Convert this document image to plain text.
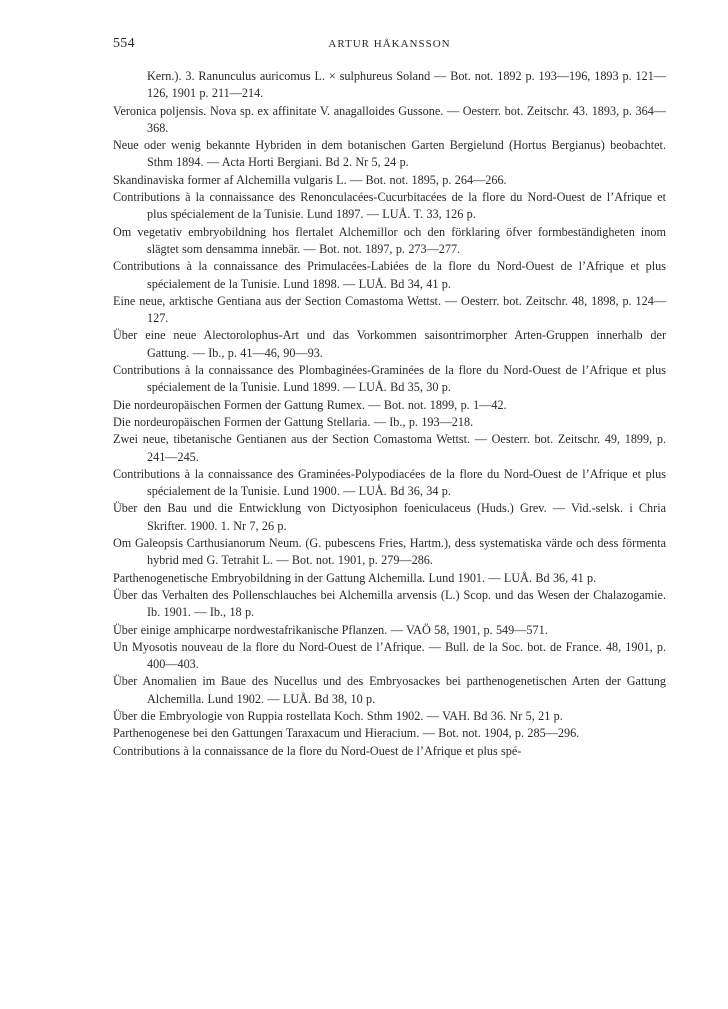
554	ARTUR HÅKANSSON

Kern.). 3. Ranunculus auricomus L. × sulphureus Soland — Bot. not. 1892 p. 193—196, 1893 p. 121—126, 1901 p. 211—214.

Veronica poljensis. Nova sp. ex affinitate V. anagalloides Gussone. — Oesterr. bot. Zeitschr. 43. 1893, p. 364—368.

Neue oder wenig bekannte Hybriden in dem botanischen Garten Bergielund (Hortus Bergianus) beobachtet. Sthm 1894. — Acta Horti Bergiani. Bd 2. Nr 5, 24 p.

Skandinaviska former af Alchemilla vulgaris L. — Bot. not. 1895, p. 264—266.

Contributions à la connaissance des Renonculacées-Cucurbitacées de la flore du Nord-Ouest de l’Afrique et plus spécialement de la Tunisie. Lund 1897. — LUÅ. T. 33, 126 p.

Om vegetativ embryobildning hos flertalet Alchemillor och den förklaring öfver formbeständigheten inom slägtet som densamma innebär. — Bot. not. 1897, p. 273—277.

Contributions à la connaissance des Primulacées-Labiées de la flore du Nord-Ouest de l’Afrique et plus spécialement de la Tunisie. Lund 1898. — LUÅ. Bd 34, 41 p.

Eine neue, arktische Gentiana aus der Section Comastoma Wettst. — Oesterr. bot. Zeitschr. 48, 1898, p. 124—127.

Über eine neue Alectorolophus-Art und das Vorkommen saisontrimorpher Arten-Gruppen innerhalb der Gattung. — Ib., p. 41—46, 90—93.

Contributions à la connaissance des Plombaginées-Graminées de la flore du Nord-Ouest de l’Afrique et plus spécialement de la Tunisie. Lund 1899. — LUÅ. Bd 35, 30 p.

Die nordeuropäischen Formen der Gattung Rumex. — Bot. not. 1899, p. 1—42.

Die nordeuropäischen Formen der Gattung Stellaria. — Ib., p. 193—218.

Zwei neue, tibetanische Gentianen aus der Section Comastoma Wettst. — Oesterr. bot. Zeitschr. 49, 1899, p. 241—245.

Contributions à la connaissance des Graminées-Polypodiacées de la flore du Nord-Ouest de l’Afrique et plus spécialement de la Tunisie. Lund 1900. — LUÅ. Bd 36, 34 p.

Über den Bau und die Entwicklung von Dictyosiphon foeniculaceus (Huds.) Grev. — Vid.-selsk. i Chria Skrifter. 1900. 1. Nr 7, 26 p.

Om Galeopsis Carthusianorum Neum. (G. pubescens Fries, Hartm.), dess systematiska värde och dess förmenta hybrid med G. Tetrahit L. — Bot. not. 1901, p. 279—286.

Parthenogenetische Embryobildning in der Gattung Alchemilla. Lund 1901. — LUÅ. Bd 36, 41 p.

Über das Verhalten des Pollenschlauches bei Alchemilla arvensis (L.) Scop. und das Wesen der Chalazogamie. Ib. 1901. — Ib., 18 p.

Über einige amphicarpe nordwestafrikanische Pflanzen. — VAÖ 58, 1901, p. 549—571.

Un Myosotis nouveau de la flore du Nord-Ouest de l’Afrique. — Bull. de la Soc. bot. de France. 48, 1901, p. 400—403.

Über Anomalien im Baue des Nucellus und des Embryosackes bei parthenogenetischen Arten der Gattung Alchemilla. Lund 1902. — LUÅ. Bd 38, 10 p.

Über die Embryologie von Ruppia rostellata Koch. Sthm 1902. — VAH. Bd 36. Nr 5, 21 p.

Parthenogenese bei den Gattungen Taraxacum und Hieracium. — Bot. not. 1904, p. 285—296.

Contributions à la connaissance de la flore du Nord-Ouest de l’Afrique et plus spé-
